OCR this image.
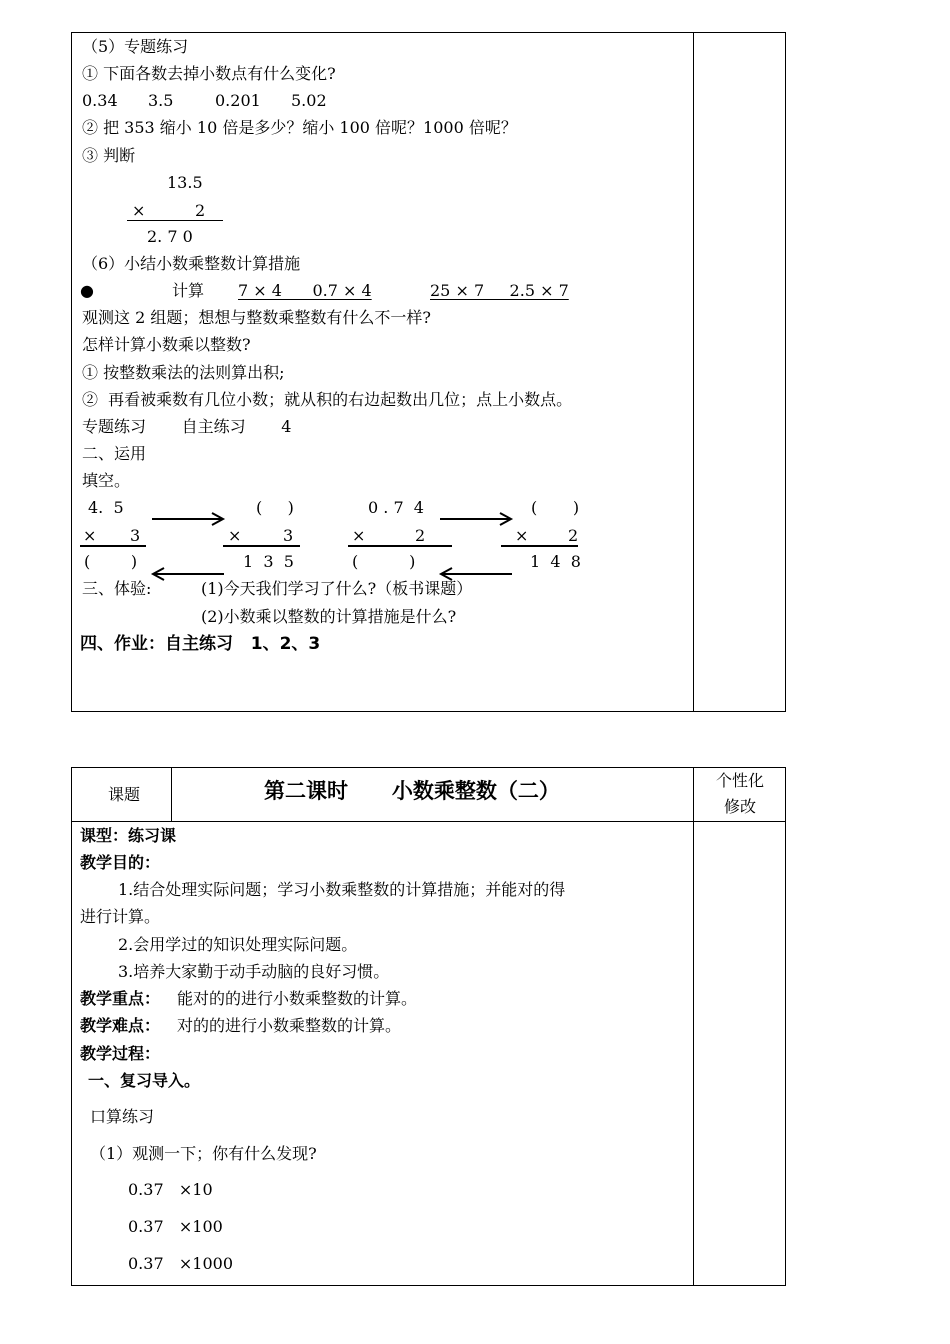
（5）专题练习
① 下面各数去掉小数点有什么变化?
0.34 3.5	0.201 5.02
② 把 353 缩小 10 倍是多少？缩小 100 倍呢？1000 倍呢？
③ 判断
13.5
×	2
2. 7 0
（6）小结小数乘整数计算措施
●	计算 7 × 4      0.7 × 4	25 × 7     2.5 × 7
观测这 2 组题；想想与整数乘整数有什么不一样?
怎样计算小数乘以整数?
① 按整数乘法的法则算出积;
②  再看被乘数有几位小数；就从积的右边起数出几位；点上小数点。
专题练习       自主练习       4
二、运用
填空。
4.  5
× 3
(        )
(     )
×	3
1  3  5
0 . 7  4
×	2
(          )
(       )
× 2
1  4  8
三、体验:	(1)今天我们学习了什么?（板书课题）
(2)小数乘以整数的计算措施是什么?
四、作业：自主练习   1、2、3
课题	第二课时      小数乘整数（二）	个性化
修改
课型：练习课
教学目的：
1.结合处理实际问题；学习小数乘整数的计算措施；并能对的得
进行计算。
2.会用学过的知识处理实际问题。
3.培养大家勤于动手动脑的良好习惯。
教学重点： 能对的的进行小数乘整数的计算。
教学难点： 对的的进行小数乘整数的计算。
教学过程：
一、复习导入。
口算练习
（1）观测一下；你有什么发现?
0.37   ×10
0.37   ×100
0.37   ×1000
